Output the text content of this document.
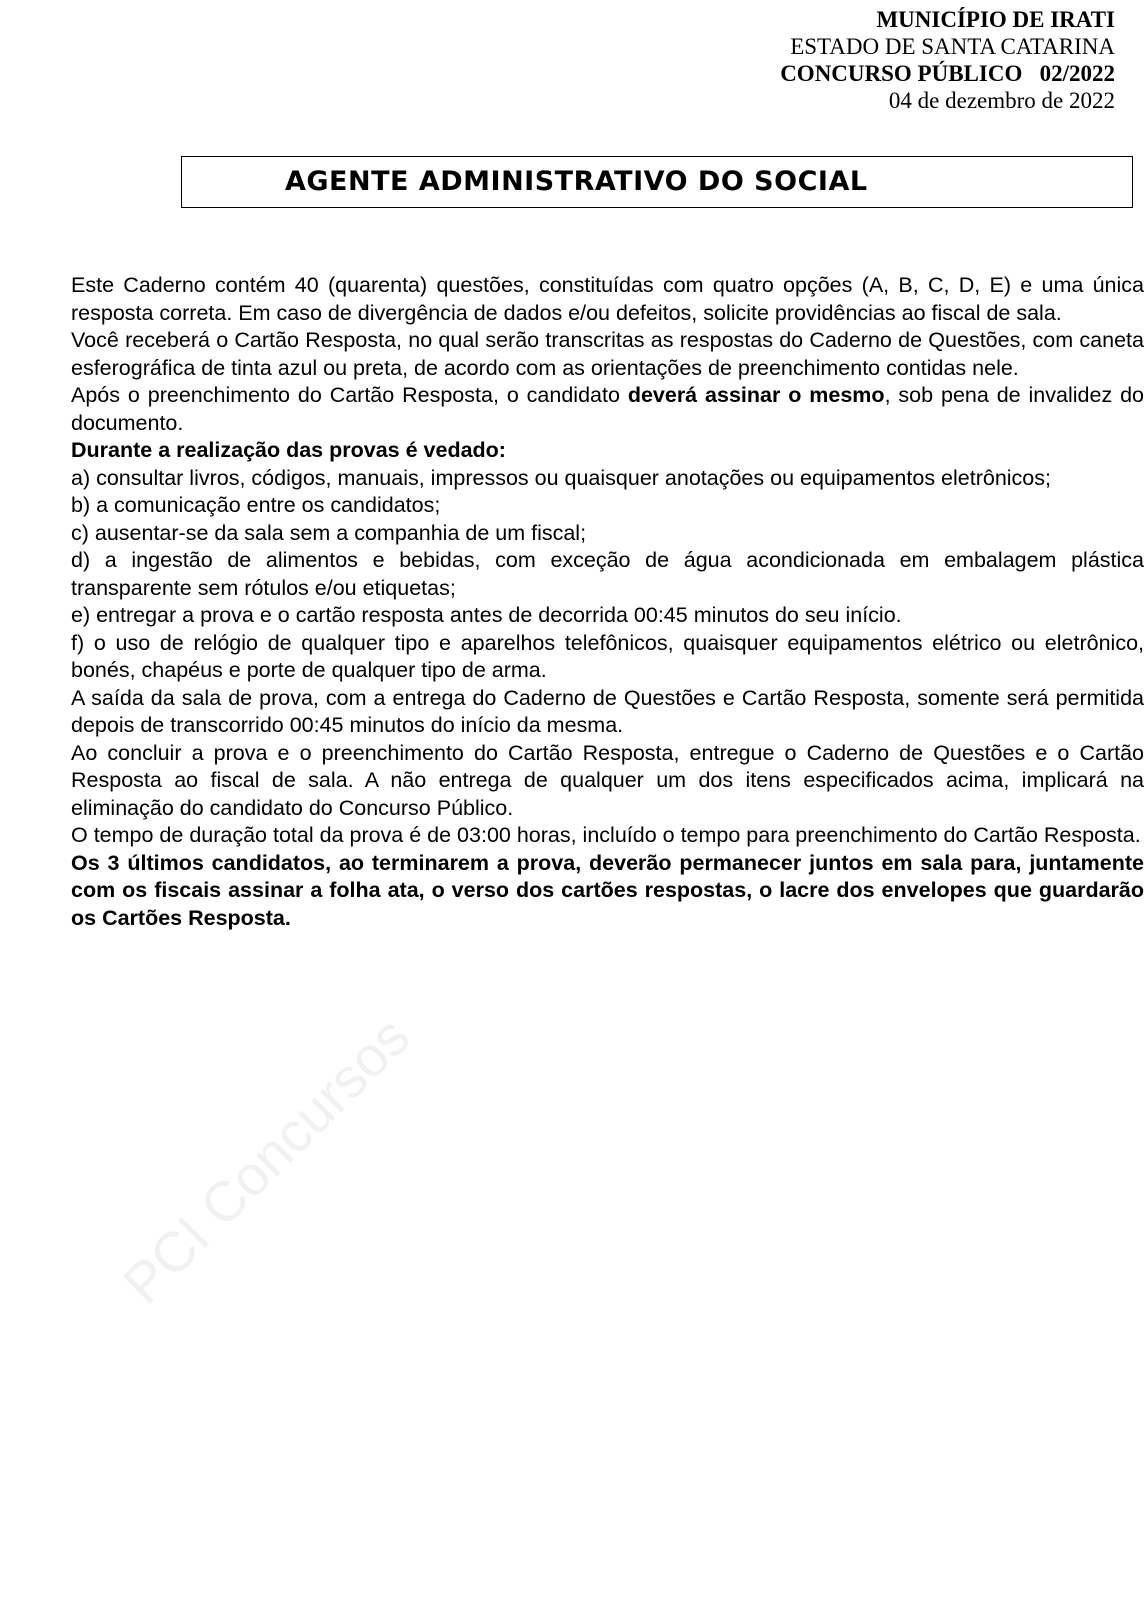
MUNICÍPIO DE IRATI
ESTADO DE SANTA CATARINA
CONCURSO PÚBLICO   02/2022
04 de dezembro de 2022
AGENTE ADMINISTRATIVO DO SOCIAL

Este Caderno contém 40 (quarenta) questões, constituídas com quatro opções (A, B, C, D, E) e uma única resposta correta. Em caso de divergência de dados e/ou defeitos, solicite providências ao fiscal de sala.

Você receberá o Cartão Resposta, no qual serão transcritas as respostas do Caderno de Questões, com caneta esferográfica de tinta azul ou preta, de acordo com as orientações de preenchimento contidas nele.

Após o preenchimento do Cartão Resposta, o candidato deverá assinar o mesmo, sob pena de invalidez do documento.

Durante a realização das provas é vedado:

a) consultar livros, códigos, manuais, impressos ou quaisquer anotações ou equipamentos eletrônicos;

b) a comunicação entre os candidatos;

c) ausentar-se da sala sem a companhia de um fiscal;

d) a ingestão de alimentos e bebidas, com exceção de água acondicionada em embalagem plástica transparente sem rótulos e/ou etiquetas;

e) entregar a prova e o cartão resposta antes de decorrida 00:45 minutos do seu início.

f) o uso de relógio de qualquer tipo e aparelhos telefônicos, quaisquer equipamentos elétrico ou eletrônico, bonés, chapéus e porte de qualquer tipo de arma.

A saída da sala de prova, com a entrega do Caderno de Questões e Cartão Resposta, somente será permitida depois de transcorrido 00:45 minutos do início da mesma.

Ao concluir a prova e o preenchimento do Cartão Resposta, entregue o Caderno de Questões e o Cartão Resposta ao fiscal de sala. A não entrega de qualquer um dos itens especificados acima, implicará na eliminação do candidato do Concurso Público.

O tempo de duração total da prova é de 03:00 horas, incluído o tempo para preenchimento do Cartão Resposta.

Os 3 últimos candidatos, ao terminarem a prova, deverão permanecer juntos em sala para, juntamente com os fiscais assinar a folha ata, o verso dos cartões respostas, o lacre dos envelopes que guardarão os Cartões Resposta.

PCI Concursos
